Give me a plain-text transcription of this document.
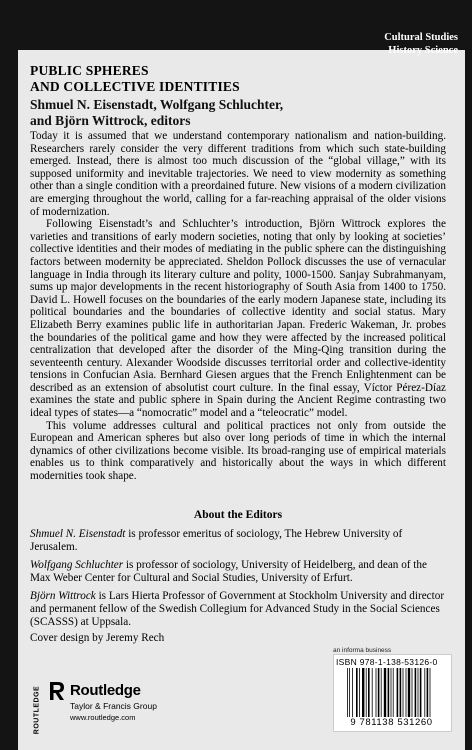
Cultural Studies
History Science
PUBLIC SPHERES
AND COLLECTIVE IDENTITIES
Shmuel N. Eisenstadt, Wolfgang Schluchter,
and Björn Wittrock, editors

Today it is assumed that we understand contemporary nationalism and nation-building. Researchers rarely consider the very different traditions from which such state-building emerged. Instead, there is almost too much discussion of the “global village,” with its supposed uniformity and inevitable trajectories. We need to view modernity as something other than a single condition with a preordained future. New visions of a modern civilization are emerging throughout the world, calling for a far-reaching appraisal of the older visions of modernization.

Following Eisenstadt’s and Schluchter’s introduction, Björn Wittrock explores the varieties and transitions of early modern societies, noting that only by looking at societies’ collective identities and their modes of mediating in the public sphere can the distinguishing factors between modernity be appreciated. Sheldon Pollock discusses the use of vernacular language in India through its literary culture and polity, 1000-1500. Sanjay Subrahmanyam, sums up major developments in the recent historiography of South Asia from 1400 to 1750. David L. Howell focuses on the boundaries of the early modern Japanese state, including its political boundaries and the boundaries of collective identity and social status. Mary Elizabeth Berry examines public life in authoritarian Japan. Frederic Wakeman, Jr. probes the boundaries of the political game and how they were affected by the increased political centralization that developed after the disorder of the Ming-Qing transition during the seventeenth century. Alexander Woodside discusses territorial order and collective-identity tensions in Confucian Asia. Bernhard Giesen argues that the French Enlightenment can be described as an extension of absolutist court culture. In the final essay, Víctor Pérez-Díaz examines the state and public sphere in Spain during the Ancient Regime contrasting two ideal types of states—a “nomocratic” model and a “teleocratic” model.

This volume addresses cultural and political practices not only from outside the European and American spheres but also over long periods of time in which the internal dynamics of other civilizations become visible. Its broad-ranging use of empirical materials enables us to think comparatively and historically about the ways in which different modernities took shape.

About the Editors

Shmuel N. Eisenstadt is professor emeritus of sociology, The Hebrew University of Jerusalem.

Wolfgang Schluchter is professor of sociology, University of Heidelberg, and dean of the Max Weber Center for Cultural and Social Studies, University of Erfurt.

Björn Wittrock is Lars Hierta Professor of Government at Stockholm University and director and permanent fellow of the Swedish Collegium for Advanced Study in the Social Sciences (SCASSS) at Uppsala.

Cover design by Jeremy Rech
ROUTLEDGE Routledge
Taylor & Francis Group
www.routledge.com
an informa business
ISBN 978-1-138-53126-0
9 781138 531260
